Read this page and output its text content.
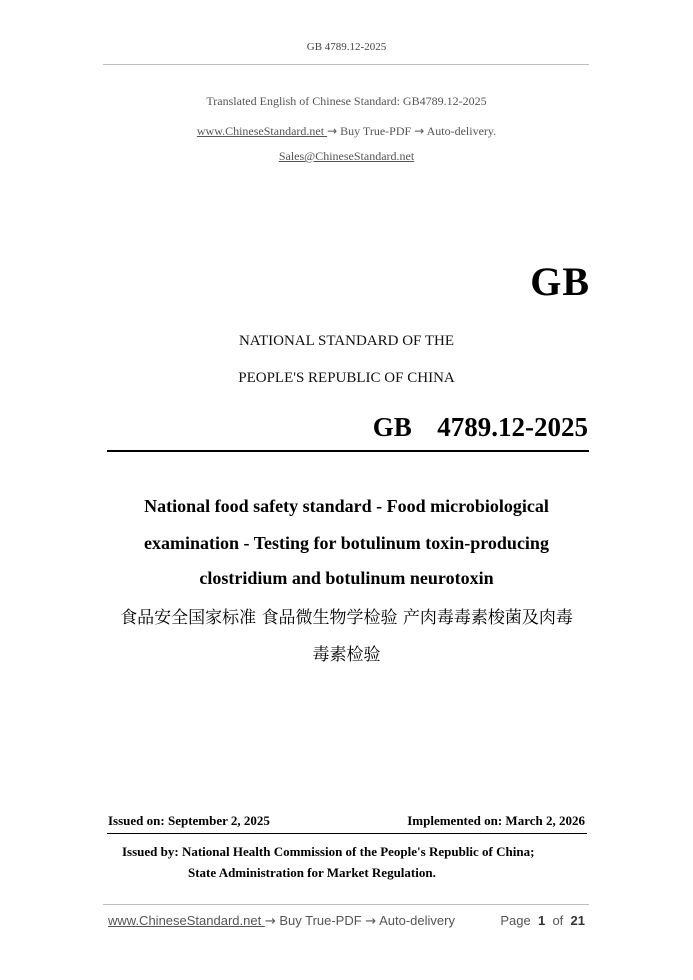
GB 4789.12-2025
Translated English of Chinese Standard: GB4789.12-2025
www.ChineseStandard.net → Buy True-PDF → Auto-delivery.
Sales@ChineseStandard.net
GB
NATIONAL STANDARD OF THE
PEOPLE'S REPUBLIC OF CHINA
GB  4789.12-2025
National food safety standard - Food microbiological
examination - Testing for botulinum toxin-producing
clostridium and botulinum neurotoxin
食品安全国家标准 食品微生物学检验 产肉毒毒素梭菌及肉毒
毒素检验
Issued on: September 2, 2025	Implemented on: March 2, 2026
Issued by: National Health Commission of the People's Republic of China;
State Administration for Market Regulation.
www.ChineseStandard.net → Buy True-PDF → Auto-delivery	Page 1 of 21
